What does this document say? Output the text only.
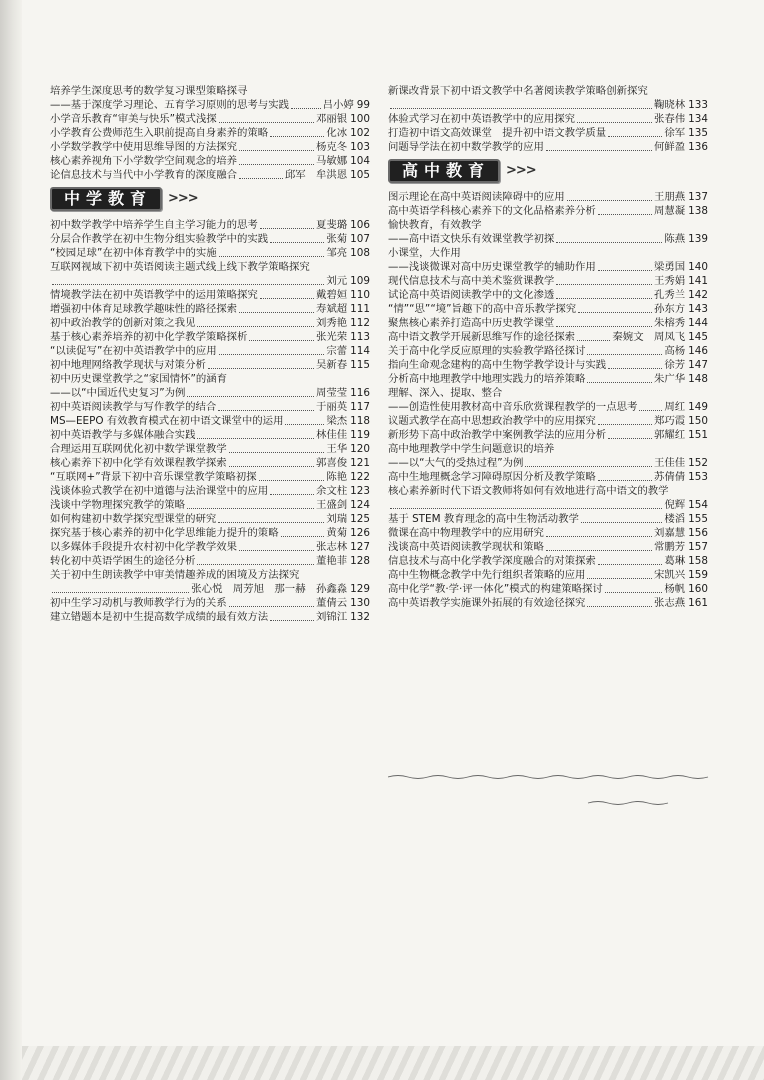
培养学生深度思考的数学复习课型策略探寻
——基于深度学习理论、五育学习原则的思考与实践	吕小婷 99
小学音乐教育“审美与快乐”模式浅探	邓丽银 100
小学教育公费师范生入职前提高自身素养的策略	化冰 102
小学数学教学中使用思维导图的方法探究	杨克冬 103
核心素养视角下小学数学空间观念的培养	马敏娜 104
论信息技术与当代中小学教育的深度融合	邱军　牟洪恩 105
中学教育	>>>
初中数学教学中培养学生自主学习能力的思考	夏斐璐 106
分层合作教学在初中生物分组实验教学中的实践	张菊 107
“校园足球”在初中体育教学中的实施	邹亮 108
互联网视域下初中英语阅读主题式线上线下教学策略探究
刘元 109
情境教学法在初中英语教学中的运用策略探究	戴碧姮 110
增强初中体育足球教学趣味性的路径探索	寿斌超 111
初中政治教学的创新对策之我见	刘秀艳 112
基于核心素养培养的初中化学教学策略探析	张光荣 113
“以读促写”在初中英语教学中的应用	宗蕾 114
初中地理网络教学现状与对策分析	吴新春 115
初中历史课堂教学之“家国情怀”的涵育
——以“中国近代史复习”为例	周莹莹 116
初中英语阅读教学与写作教学的结合	于丽英 117
MS—EEPO 有效教育模式在初中语文课堂中的运用	梁杰 118
初中英语教学与多媒体融合实践	林佳佳 119
合理运用互联网优化初中数学课堂教学	王华 120
核心素养下初中化学有效课程教学探索	郭喜俊 121
“互联网+”背景下初中音乐课堂教学策略初探	陈艳 122
浅谈体验式教学在初中道德与法治课堂中的应用	余文柱 123
浅谈中学物理探究教学的策略	王盛剑 124
如何构建初中数学探究型课堂的研究	刘瑞 125
探究基于核心素养的初中化学思维能力提升的策略	黄菊 126
以多媒体手段提升农村初中化学教学效果	张志林 127
转化初中英语学困生的途径分析	董艳菲 128
关于初中生朗读教学中审美情趣养成的困境及方法探究
张心悦　周芳旭　那一赫　孙鑫淼 129
初中生学习动机与教师教学行为的关系	董倩云 130
建立错题本是初中生提高数学成绩的最有效方法	刘锦江 132
新课改背景下初中语文教学中名著阅读教学策略创新探究
鞠晓林 133
体验式学习在初中英语教学中的应用探究	张春伟 134
打造初中语文高效课堂　提升初中语文教学质量	徐军 135
问题导学法在初中数学教学的应用	何鲜盈 136
高中教育	>>>
图示理论在高中英语阅读障碍中的应用	王朋燕 137
高中英语学科核心素养下的文化品格素养分析	周慧凝 138
愉快教育，有效教学
——高中语文快乐有效课堂教学初探	陈燕 139
小课堂，大作用
——浅谈微课对高中历史课堂教学的辅助作用	梁勇国 140
现代信息技术与高中美术鉴赏课教学	王秀娟 141
试论高中英语阅读教学中的文化渗透	孔秀兰 142
“情”“思”“境”旨趣下的高中音乐教学探究	孙东方 143
聚焦核心素养打造高中历史教学课堂	朱榕秀 144
高中语文教学开展新思维写作的途径探索	秦婉文　周凤飞 145
关于高中化学反应原理的实验教学路径探讨	高杨 146
指向生命观念建构的高中生物学教学设计与实践	徐芳 147
分析高中地理教学中地理实践力的培养策略	朱广华 148
理解、深入、提取、整合
——创造性使用教材高中音乐欣赏课程教学的一点思考	周红 149
议题式教学在高中思想政治教学中的应用探究	郑巧霞 150
新形势下高中政治教学中案例教学法的应用分析	郭耀红 151
高中地理教学中学生问题意识的培养
——以“大气的受热过程”为例	王佳佳 152
高中生地理概念学习障碍原因分析及教学策略	苏倩倩 153
核心素养新时代下语文教师将如何有效地进行高中语文的教学
倪辉 154
基于 STEM 教育理念的高中生物活动教学	楼滔 155
微课在高中物理教学中的应用研究	刘嘉慧 156
浅谈高中英语阅读教学现状和策略	常鹏芳 157
信息技术与高中化学教学深度融合的对策探索	葛琳 158
高中生物概念教学中先行组织者策略的应用	宋凯兴 159
高中化学“教·学·评一体化”模式的构建策略探讨	杨帆 160
高中英语教学实施课外拓展的有效途径探究	张志燕 161
